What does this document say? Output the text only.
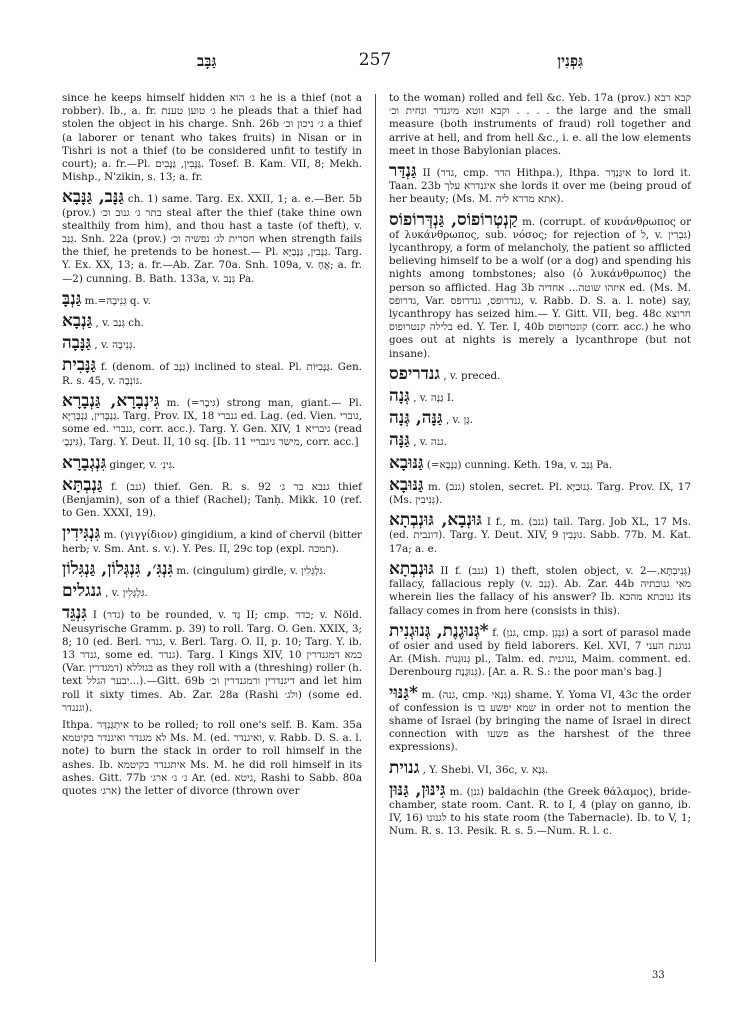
גַּבָּב	257	גִּפְנִין

since he keeps himself hidden ג׳ הוא he is a thief (not a robber). Ib., a. fr. ג׳ טוען טענת he pleads that a thief had stolen the object in his charge. Snh. 26b ג׳ ניכון וכ׳ a thief (a laborer or tenant who takes fruits) in Nisan or in Tishri is not a thief (to be considered unfit to testify in court); a. fr.—Pl. גַּנָּבִין, גַּנָּבִים. Tosef. B. Kam. VII, 8; Mekh. Mishp., N'zikin, s. 13; a. fr.

גַּנָּב, גַּנָּבָא ch. 1) same. Targ. Ex. XXII, 1; a. e.—Ber. 5b (prov.) בתר ג׳ גנוב וכ׳ steal after the thief (take thine own stealthily from him), and thou hast a taste (of theft), v. גְּנַב. Snh. 22a (prov.) חסרית לג׳ נפשיה וכ׳ when strength fails the thief, he pretends to be honest.— Pl. גַּנָּבִין, גַּנָּבַיָּא. Targ. Y. Ex. XX, 13; a. fr.—Ab. Zar. 70a. Snh. 109a, v. אֲחָ; a. fr.—2) cunning. B. Bath. 133a, v. גְּנַב Pa.

גַּנְבָּ m.=גְּנֵיבָה q. v.

גַּנְבָא , v. גְּנַב ch.

גַּנָּבָה , v. גְּנֵיבָה.

גַּנָּבִית f. (denom. of גַּנָּב) inclined to steal. Pl. גַּנָּבִיּוֹת. Gen. R. s. 45, v. גּוֹנְבָה.

גִּינְבָרָא, גַּנְבָרָא m. (=גִּיבָר) strong man, giant.— Pl. גַּנְבָּרִין, גַּנְבָּרַיָּא. Targ. Prov. IX, 18 גנברי ed. Lag. (ed. Vien. גוברי, some ed. גנברי, corr. acc.). Targ. Y. Gen. XIV, 1 גיבריא (read גִּינְבָ׳). Targ. Y. Deut. II, 10 sq. [Ib. 11 מישר גיגבריי, corr. acc.]

גִּנְגְבָרָא ginger, v. גִּינְ׳.

גַּנְבְתָּא f. (גנב) thief. Gen. R. s. 92 גנבא בר ג׳ thief (Benjamin), son of a thief (Rachel); Tanḥ. Mikk. 10 (ref. to Gen. XXXI, 19).

גִּנְגִּידִין m. (γιγγίδιον) gingidium, a kind of chervil (bitter herb; v. Sm. Ant. s. v.). Y. Pes. II, 29c top (expl. תמכה).

גִּנְגִּ׳, גִּנְגְּלוֹן, גַּנְגִּלוֹן m. (cingulum) girdle, v. גִּלְגְּלִין.

גנגלים , v. גִּלְגְּלִין.

גִּנְגֵּד I (גדר) to be rounded, v. גָּד II; cmp. כדר; v. Nöld. Neusyrische Gramm. p. 39) to roll. Targ. O. Gen. XXIX, 3; 8; 10 (ed. Berl. גנדר, v. Berl. Targ. O. II, p. 10; Targ. Y. ib. 13 גנדר, some ed. גנדר). Targ. I Kings XIV, 10 כמא דמגנדרין (Var. דמגדרין) בגוללא as they roll with a (threshing) roller (h. text יבער הגלל...).—Gitt. 69b דיגנדרין ורמגנדרין וכ׳ and let him roll it sixty times. Ab. Zar. 28a (Rashi ולג׳) (some ed. וגנגדר).

Ithpa. אִיתְגַּנְדַּר to be rolled; to roll one's self. B. Kam. 35a לא מגנדר ואיגנדר בקיטמא Ms. M. (ed. ואיגנדר, v. Rabb. D. S. a. l. note) to burn the stack in order to roll himself in the ashes. Ib. איתגנדר בקיטמא Ms. M. he did roll himself in its ashes. Gitt. 77b ג׳ ג׳ ארג׳ Ar. (ed. גיטא, Rashi to Sabb. 80a quotes ארג׳) the letter of divorce (thrown over

to the woman) rolled and fell &c. Yeb. 17a (prov.) קבא רבא וקבא זוטא מיגנדר ונחית וכ׳ . . . . the large and the small measure (both instruments of fraud) roll together and arrive at hell, and from hell &c., i. e. all the low elements meet in those Babylonian places.

גַּנְדַּר II (גדר, cmp. הדר Hithpa.), Ithpa. אִיגַּנְדַּר to lord it. Taan. 23b איגנדרא עלך she lords it over me (being proud of her beauty; (Ms. M. אתא מדרא ליה).

קַנְטְרוֹפוֹס, גַּנְדְּרוֹפוֹס m. (corrupt. of κυνάνθρωπος or of λυκάνθρωπος, sub. νόσος; for rejection of ל, v. גִּבְרִין) lycanthropy, a form of melancholy, the patient so afflicted believing himself to be a wolf (or a dog) and spending his nights among tombstones; also (ὁ λυκάνθρωπος) the person so afflicted. Hag 3b איזהו שוטה... אחדיה ed. (Ms. M. גדרופס, Var. גנדרופס, גנדרופס, v. Rabb. D. S. a. l. note) say, lycanthropy has seized him.— Y. Gitt. VII, beg. 48c חרוצא בלילה קנטרופוס ed. Y. Ter. I, 40b קונטרופוס (corr. acc.) he who goes out at nights is merely a lycanthrope (but not insane).

גנדריפס , v. preced.

גְּנָה , v. גַּנָּה I.

גַּנָּה, גְּנָה , v. גָּן.

גַּנָּה , v. גנה.

גַּנּוּבָא (=גַּנָּבָא) cunning. Keth. 19a, v. גְּנַב Pa.

גַּנּוּבָא m. (גנב) stolen, secret. Pl. גְּנוּבַיָּא. Targ. Prov. IX, 17 (Ms. גְּנִיבִין).

גּוּנְבָא, גּוּנְבְתָא I f., m. (גנב) tail. Targ. Job XL, 17 Ms. (ed. דונבית). Targ. Y. Deut. XIV, 9 גּוּנְבִין. Sabb. 77b. M. Kat. 17a; a. e.

גּוּנְבְתָא II f. (גנב) 1) theft, stolen object, v. גְּנֵיבְתָּא.—2) fallacy, fallacious reply (v. גְּנַב). Ab. Zar. 44b מאי גנובתיה wherein lies the fallacy of his answer? Ib. גנובתא מהכא its fallacy comes in from here (consists in this).

*גְּנוּגֶנֶת, גְּנוּגְנִית f. (גנן, cmp. גִּנְגֵן) a sort of parasol made of osier and used by field laborers. Kel. XVI, 7 גנוגנת העני Ar. (Mish. גְּנוּגְנוֹת pl., Talm. ed. גנוגנית, Maim. comment. ed. Derenbourg גְּנוּגֶנֶת). [Ar. a. R. S.: the poor man's bag.]

*גַּנּוּי m. (גנה, cmp. גְּנַאי) shame. Y. Yoma VI, 43c the order of confession is שמא יפשע בו in order not to mention the shame of Israel (by bringing the name of Israel in direct connection with פשעו as the harshest of the three expressions).

גנוית , Y. Shebi. VI, 36c, v. גְּנָא.

גִּינּוּן, גַּנּוּן m. (גנן) baldachin (the Greek θάλαμος), bride-chamber, state room. Cant. R. to I, 4 (play on ganno, ib. IV, 16) לגנונו to his state room (the Tabernacle). Ib. to V, 1; Num. R. s. 13. Pesik. R. s. 5.—Num. R. l. c.

33
